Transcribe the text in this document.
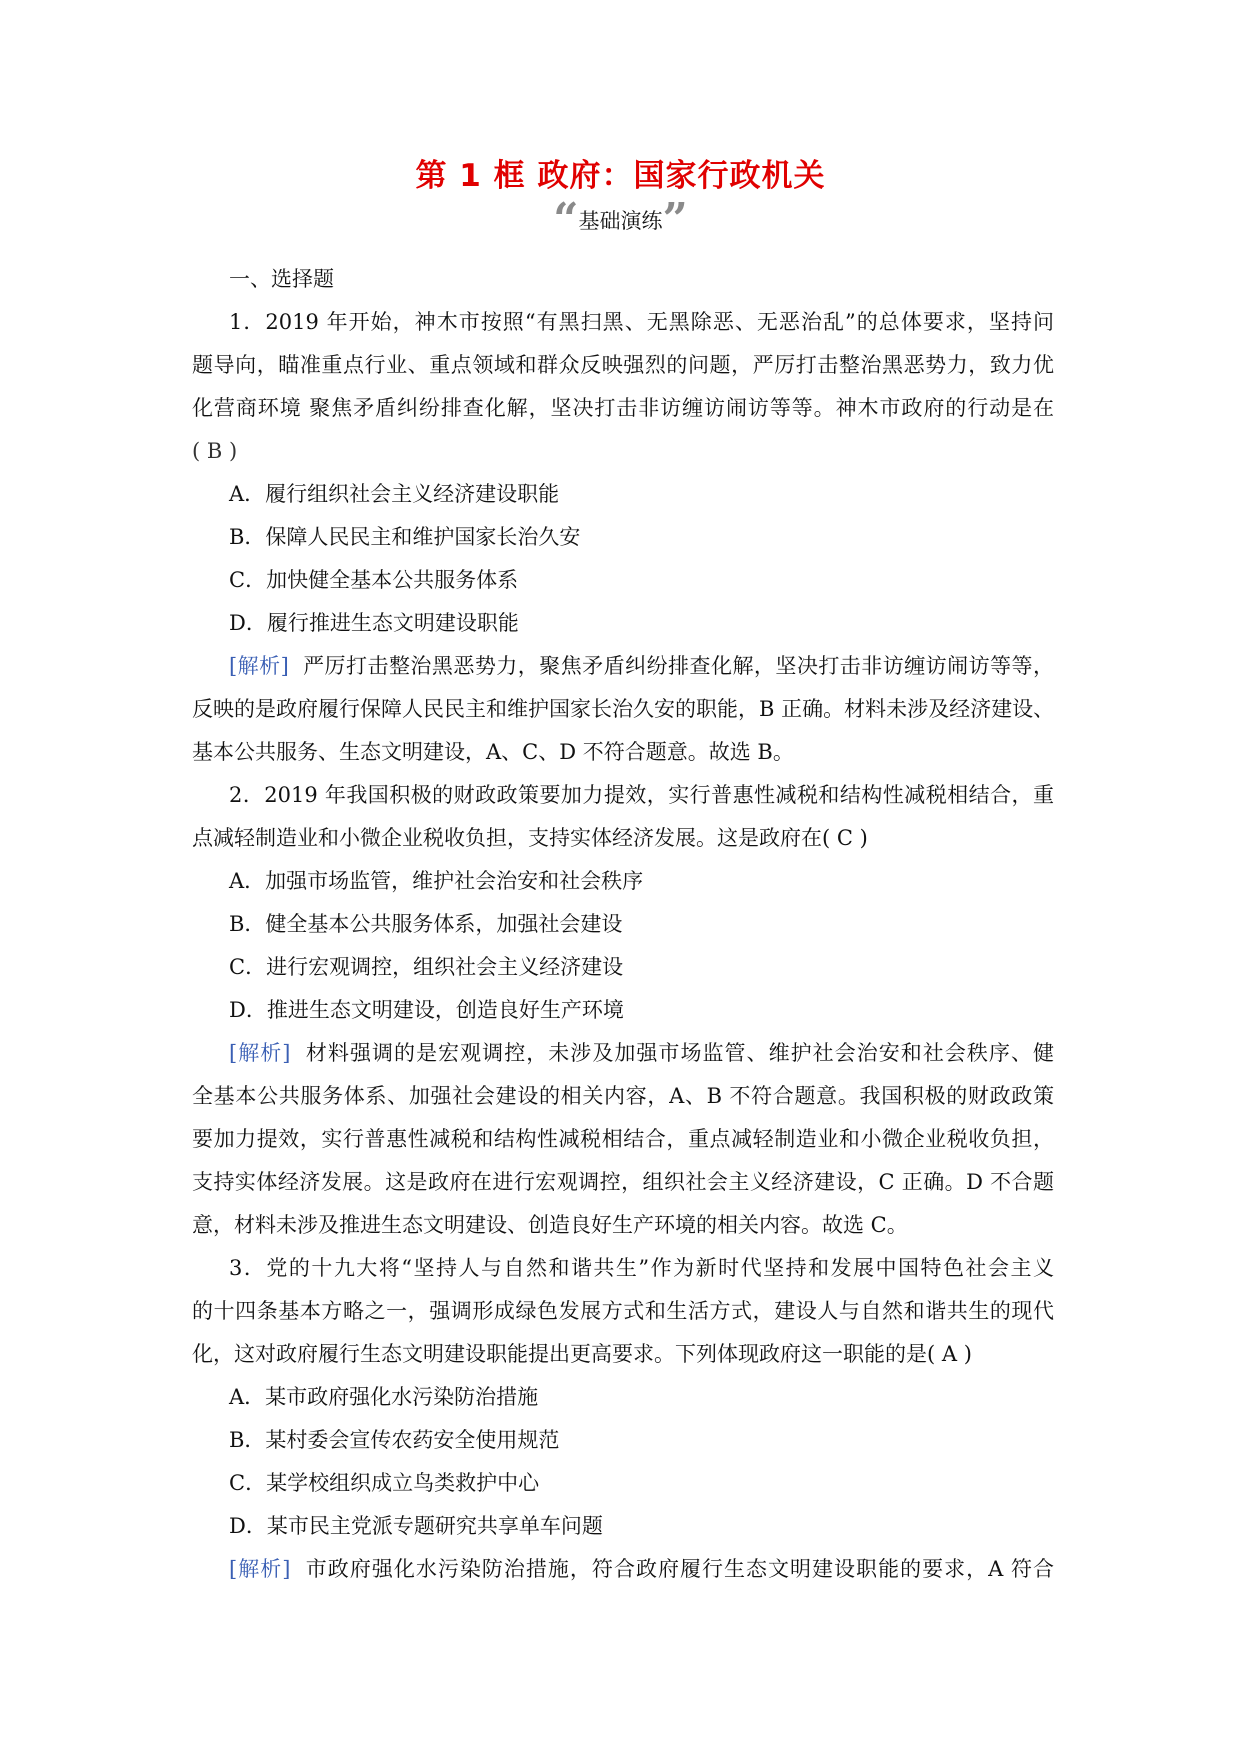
第 1 框 政府：国家行政机关
“基础演练”
一、选择题
1．2019 年开始，神木市按照“有黑扫黑、无黑除恶、无恶治乱”的总体要求，坚持问
题导向，瞄准重点行业、重点领域和群众反映强烈的问题，严厉打击整治黑恶势力，致力优
化营商环境 聚焦矛盾纠纷排查化解，坚决打击非访缠访闹访等等。神木市政府的行动是在
( B )
A．履行组织社会主义经济建设职能
B．保障人民民主和维护国家长治久安
C．加快健全基本公共服务体系
D．履行推进生态文明建设职能
[解析] 严厉打击整治黑恶势力，聚焦矛盾纠纷排查化解，坚决打击非访缠访闹访等等，
反映的是政府履行保障人民民主和维护国家长治久安的职能，B 正确。材料未涉及经济建设、
基本公共服务、生态文明建设，A、C、D 不符合题意。故选 B。
2．2019 年我国积极的财政政策要加力提效，实行普惠性减税和结构性减税相结合，重
点减轻制造业和小微企业税收负担，支持实体经济发展。这是政府在( C )
A．加强市场监管，维护社会治安和社会秩序
B．健全基本公共服务体系，加强社会建设
C．进行宏观调控，组织社会主义经济建设
D．推进生态文明建设，创造良好生产环境
[解析] 材料强调的是宏观调控，未涉及加强市场监管、维护社会治安和社会秩序、健
全基本公共服务体系、加强社会建设的相关内容，A、B 不符合题意。我国积极的财政政策
要加力提效，实行普惠性减税和结构性减税相结合，重点减轻制造业和小微企业税收负担，
支持实体经济发展。这是政府在进行宏观调控，组织社会主义经济建设，C 正确。D 不合题
意，材料未涉及推进生态文明建设、创造良好生产环境的相关内容。故选 C。
3．党的十九大将“坚持人与自然和谐共生”作为新时代坚持和发展中国特色社会主义
的十四条基本方略之一，强调形成绿色发展方式和生活方式，建设人与自然和谐共生的现代
化，这对政府履行生态文明建设职能提出更高要求。下列体现政府这一职能的是( A )
A．某市政府强化水污染防治措施
B．某村委会宣传农药安全使用规范
C．某学校组织成立鸟类救护中心
D．某市民主党派专题研究共享单车问题
[解析] 市政府强化水污染防治措施，符合政府履行生态文明建设职能的要求，A 符合
